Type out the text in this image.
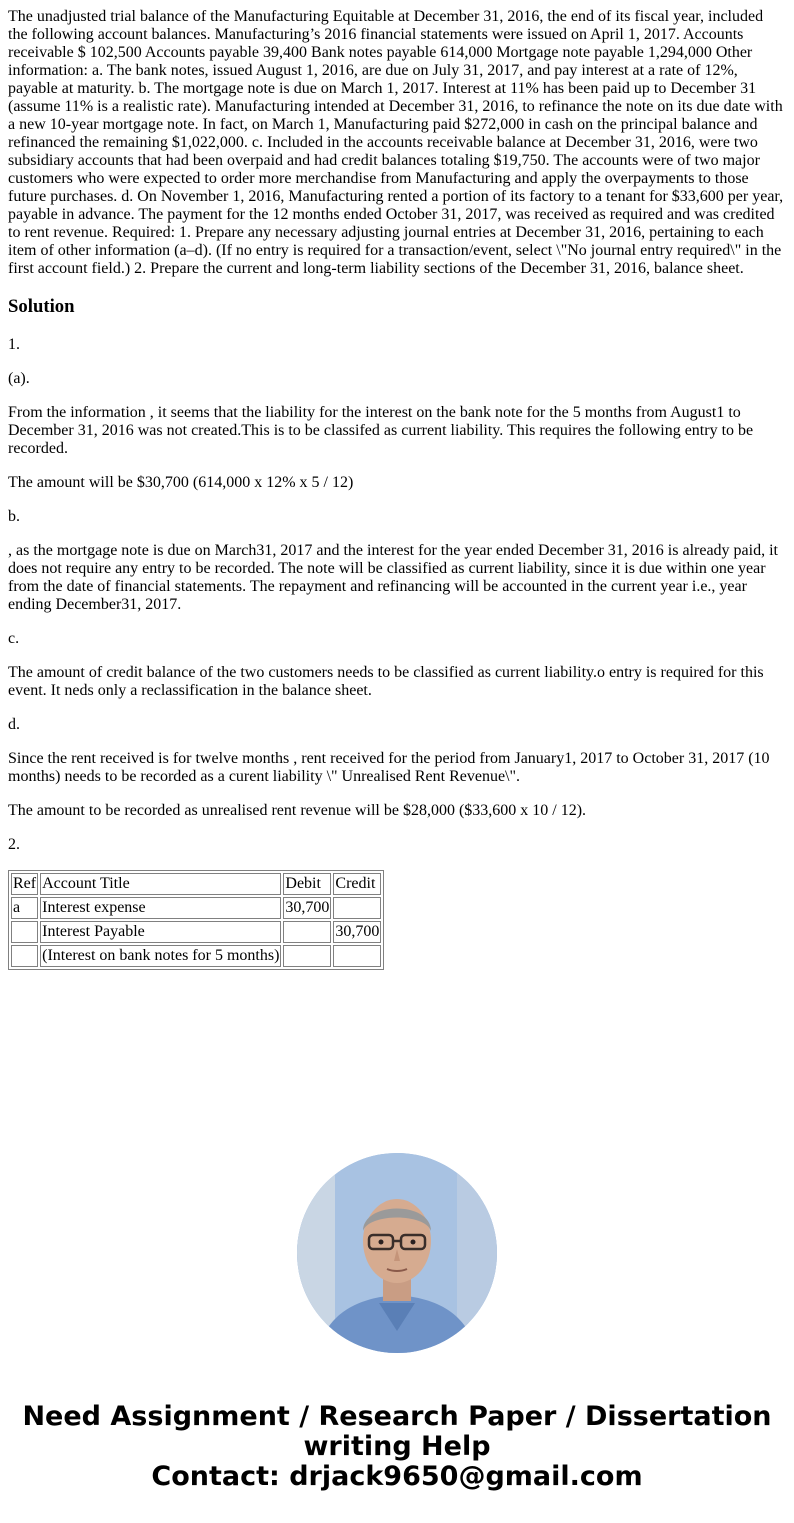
The unadjusted trial balance of the Manufacturing Equitable at December 31, 2016, the end of its fiscal year, included the following account balances. Manufacturing’s 2016 financial statements were issued on April 1, 2017. Accounts receivable $ 102,500 Accounts payable 39,400 Bank notes payable 614,000 Mortgage note payable 1,294,000 Other information: a. The bank notes, issued August 1, 2016, are due on July 31, 2017, and pay interest at a rate of 12%, payable at maturity. b. The mortgage note is due on March 1, 2017. Interest at 11% has been paid up to December 31 (assume 11% is a realistic rate). Manufacturing intended at December 31, 2016, to refinance the note on its due date with a new 10-year mortgage note. In fact, on March 1, Manufacturing paid $272,000 in cash on the principal balance and refinanced the remaining $1,022,000. c. Included in the accounts receivable balance at December 31, 2016, were two subsidiary accounts that had been overpaid and had credit balances totaling $19,750. The accounts were of two major customers who were expected to order more merchandise from Manufacturing and apply the overpayments to those future purchases. d. On November 1, 2016, Manufacturing rented a portion of its factory to a tenant for $33,600 per year, payable in advance. The payment for the 12 months ended October 31, 2017, was received as required and was credited to rent revenue. Required: 1. Prepare any necessary adjusting journal entries at December 31, 2016, pertaining to each item of other information (a–d). (If no entry is required for a transaction/event, select \"No journal entry required\" in the first account field.) 2. Prepare the current and long-term liability sections of the December 31, 2016, balance sheet.
Solution

1.

(a).

From the information , it seems that the liability for the interest on the bank note for the 5 months from August1 to December 31, 2016 was not created.This is to be classifed as current liability. This requires the following entry to be recorded.

The amount will be $30,700 (614,000 x 12% x 5 / 12)

b.

, as the mortgage note is due on March31, 2017 and the interest for the year ended December 31, 2016 is already paid, it does not require any entry to be recorded. The note will be classified as current liability, since it is due within one year from the date of financial statements. The repayment and refinancing will be accounted in the current year i.e., year ending December31, 2017.

c.

The amount of credit balance of the two customers needs to be classified as current liability.o entry is required for this event. It neds only a reclassification in the balance sheet.

d.

Since the rent received is for twelve months , rent received for the period from January1, 2017 to October 31, 2017 (10 months) needs to be recorded as a curent liability \" Unrealised Rent Revenue\".

The amount to be recorded as unrealised rent revenue will be $28,000 ($33,600 x 10 / 12).

2.

Ref	Account Title	Debit	Credit
a	Interest expense	30,700	
	Interest Payable		30,700
	(Interest on bank notes for 5 months)		
Need Assignment / Research Paper / Dissertation
writing Help
Contact: drjack9650@gmail.com
